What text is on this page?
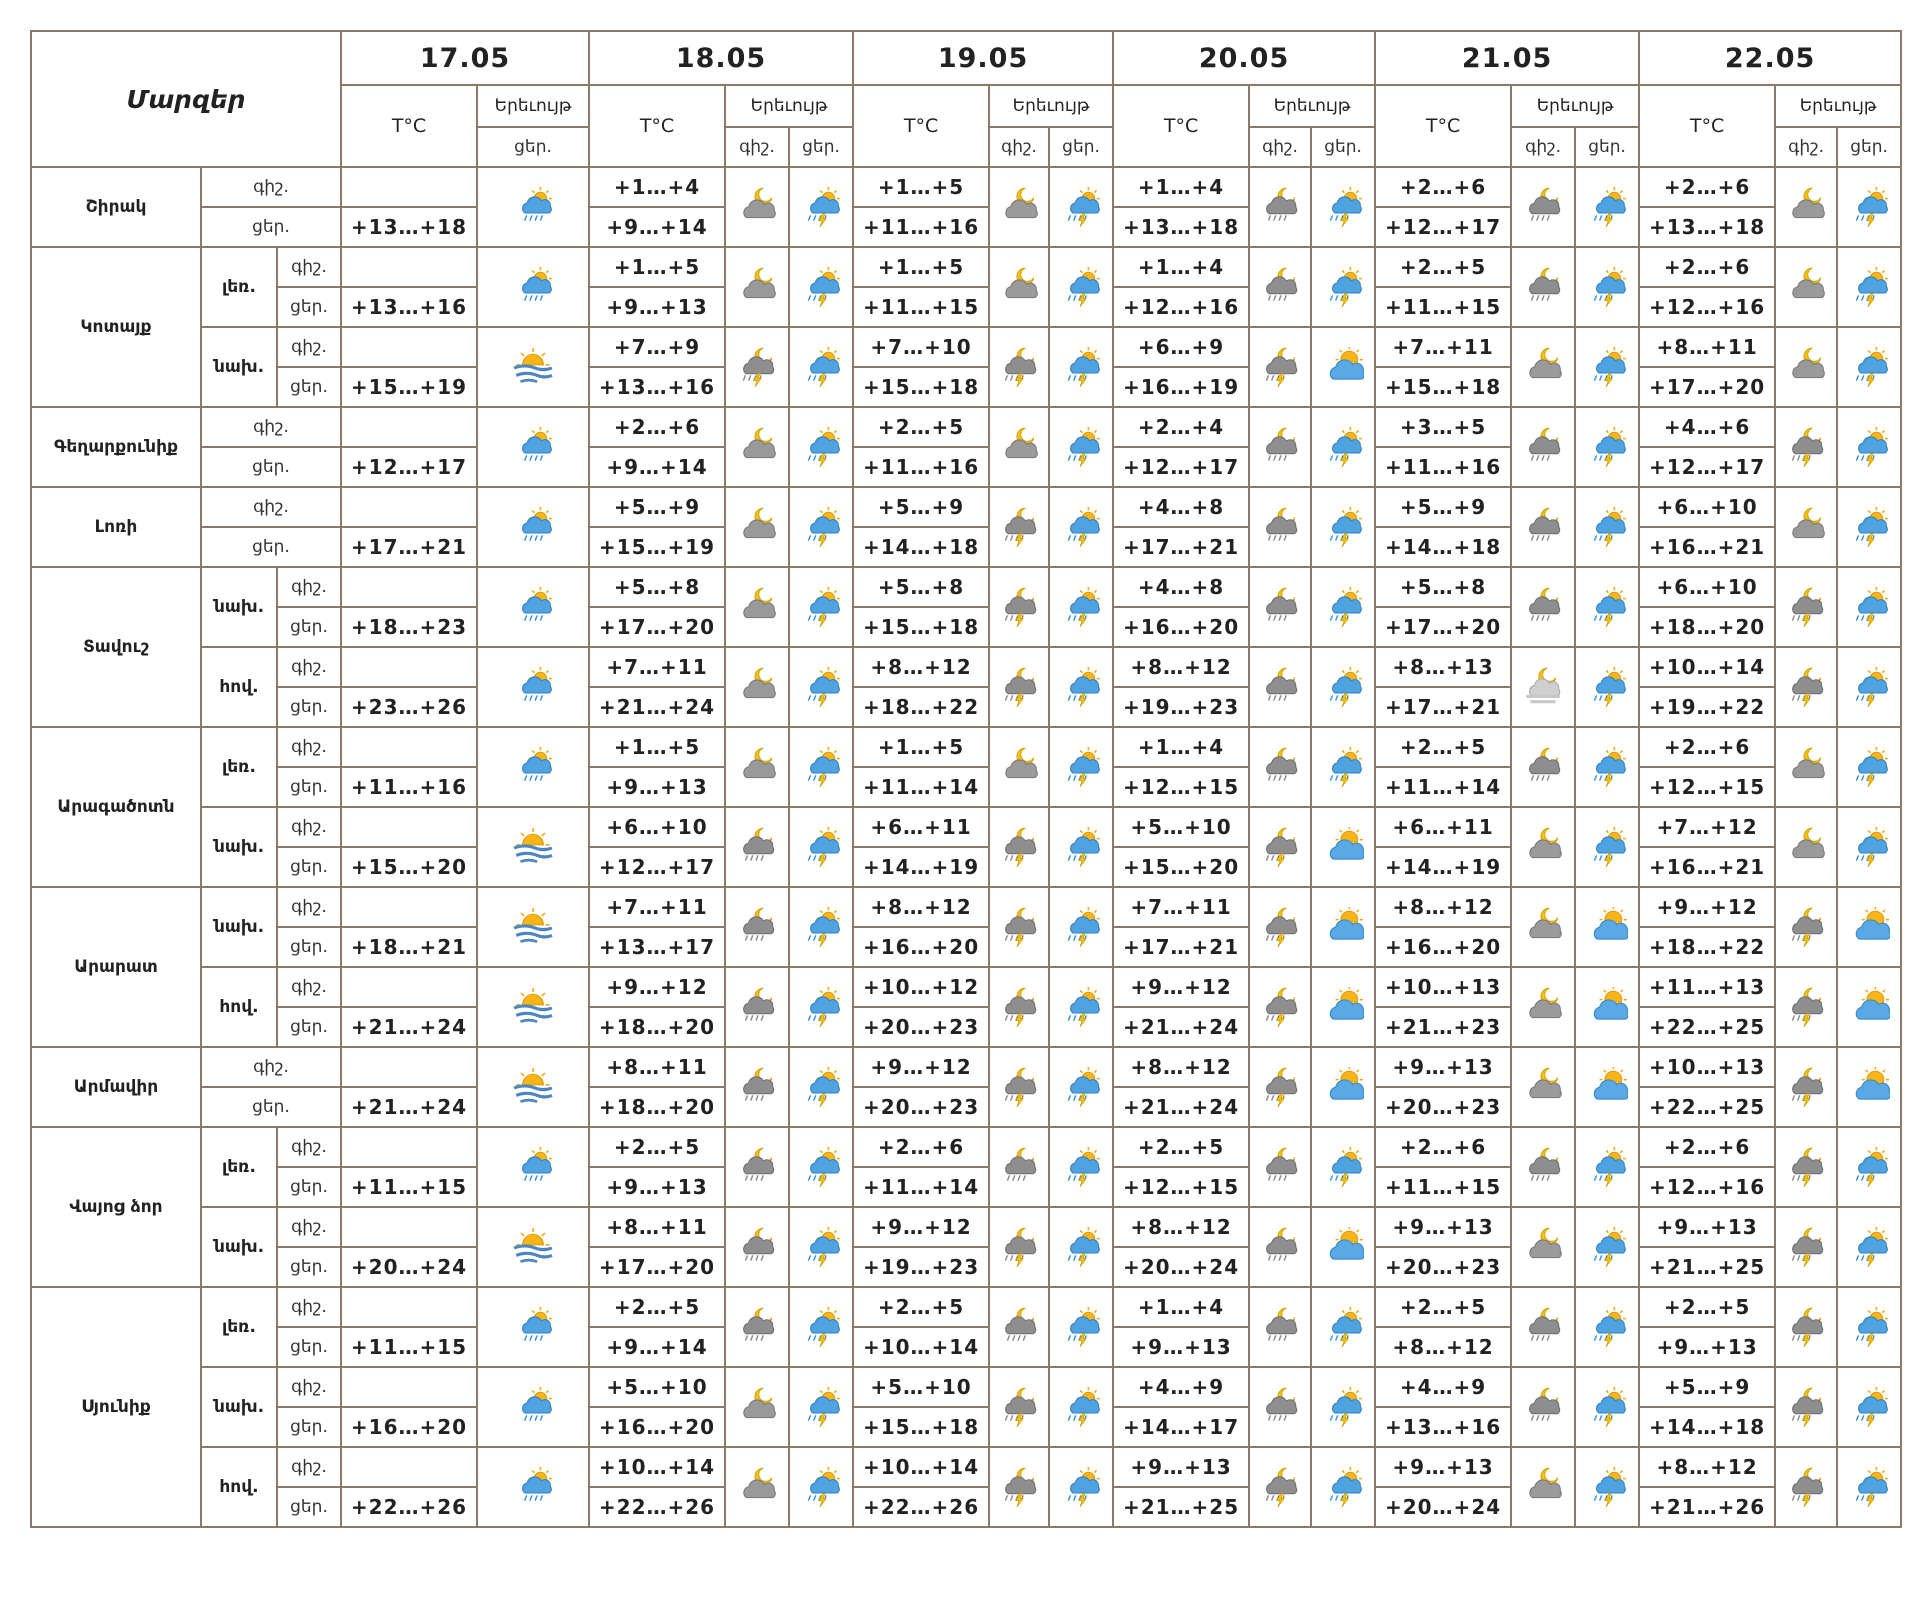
Մարզեր			17.05		18.05			19.05			20.05			21.05			22.05		
			T°C	Երեւույթ	T°C	Երեւույթ		T°C	Երեւույթ		T°C	Երեւույթ		T°C	Երեւույթ		T°C	Երեւույթ	
				ցեր.		գիշ.	ցեր.		գիշ.	ցեր.		գիշ.	ցեր.		գիշ.	ցեր.		գիշ.	ցեր.
Շիրակ	գիշ.				+1…+4			+1…+5			+1…+4			+2…+6			+2…+6	

	ցեր.		+13…+18		+9…+14			+11…+16			+13…+18			+12…+17			+13…+18		
Կոտայք	լեռ.	գիշ.			+1…+5			+1…+5			+1…+4			+2…+5			+2…+6	

		ցեր.	+13…+16		+9…+13			+11…+15			+12…+16			+11…+15			+12…+16		
	նախ.	գիշ.			+7…+9			+7…+10			+6…+9			+7…+11			+8…+11	

		ցեր.	+15…+19		+13…+16			+15…+18			+16…+19			+15…+18			+17…+20		
Գեղարքունիք	գիշ.				+2…+6			+2…+5			+2…+4			+3…+5			+4…+6	

	ցեր.		+12…+17		+9…+14			+11…+16			+12…+17			+11…+16			+12…+17		
Լոռի	գիշ.				+5…+9			+5…+9			+4…+8			+5…+9			+6…+10	

	ցեր.		+17…+21		+15…+19			+14…+18			+17…+21			+14…+18			+16…+21		
Տավուշ	նախ.	գիշ.			+5…+8			+5…+8			+4…+8			+5…+8			+6…+10	

		ցեր.	+18…+23		+17…+20			+15…+18			+16…+20			+17…+20			+18…+20		
	հով.	գիշ.			+7…+11			+8…+12			+8…+12			+8…+13			+10…+14	

		ցեր.	+23…+26		+21…+24			+18…+22			+19…+23			+17…+21			+19…+22		
Արագածոտն	լեռ.	գիշ.			+1…+5			+1…+5			+1…+4			+2…+5			+2…+6	

		ցեր.	+11…+16		+9…+13			+11…+14			+12…+15			+11…+14			+12…+15		
	նախ.	գիշ.			+6…+10			+6…+11			+5…+10			+6…+11			+7…+12	

		ցեր.	+15…+20		+12…+17			+14…+19			+15…+20			+14…+19			+16…+21		
Արարատ	նախ.	գիշ.			+7…+11			+8…+12			+7…+11			+8…+12			+9…+12	

		ցեր.	+18…+21		+13…+17			+16…+20			+17…+21			+16…+20			+18…+22		
	հով.	գիշ.			+9…+12			+10…+12			+9…+12			+10…+13			+11…+13	

		ցեր.	+21…+24		+18…+20			+20…+23			+21…+24			+21…+23			+22…+25		
Արմավիր	գիշ.				+8…+11			+9…+12			+8…+12			+9…+13			+10…+13	

	ցեր.		+21…+24		+18…+20			+20…+23			+21…+24			+20…+23			+22…+25		
Վայոց ձոր	լեռ.	գիշ.			+2…+5			+2…+6			+2…+5			+2…+6			+2…+6	

		ցեր.	+11…+15		+9…+13			+11…+14			+12…+15			+11…+15			+12…+16		
	նախ.	գիշ.			+8…+11			+9…+12			+8…+12			+9…+13			+9…+13	

		ցեր.	+20…+24		+17…+20			+19…+23			+20…+24			+20…+23			+21…+25		
Սյունիք	լեռ.	գիշ.			+2…+5			+2…+5			+1…+4			+2…+5			+2…+5	

		ցեր.	+11…+15		+9…+14			+10…+14			+9…+13			+8…+12			+9…+13		
	նախ.	գիշ.			+5…+10			+5…+10			+4…+9			+4…+9			+5…+9	

		ցեր.	+16…+20		+16…+20			+15…+18			+14…+17			+13…+16			+14…+18		
	հով.	գիշ.			+10…+14			+10…+14			+9…+13			+9…+13			+8…+12	

		ցեր.	+22…+26		+22…+26			+22…+26			+21…+25			+20…+24			+21…+26		
